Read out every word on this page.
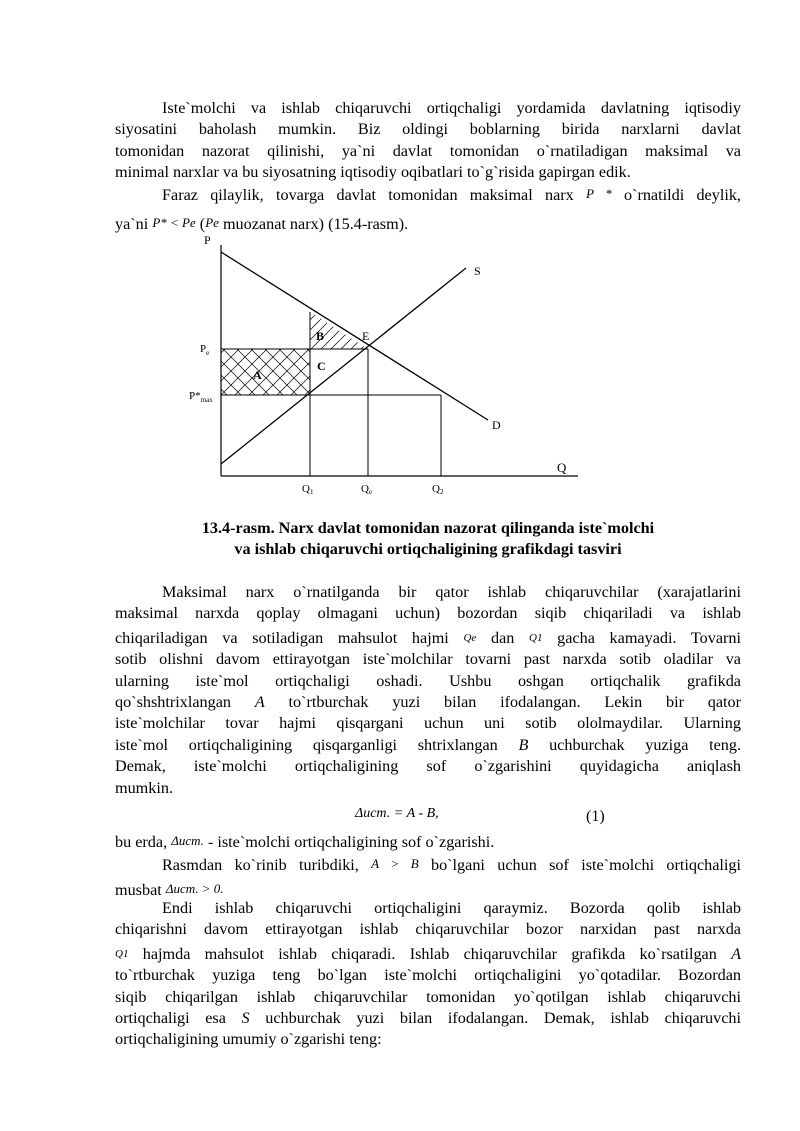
Iste`molchi va ishlab chiqaruvchi ortiqchaligi yordamida davlatning iqtisodiy
siyosatini baholash mumkin. Biz oldingi boblarning birida narxlarni davlat
tomonidan nazorat qilinishi, ya`ni davlat tomonidan o`rnatiladigan maksimal va
minimal narxlar va bu siyosatning iqtisodiy oqibatlari to`g`risida gapirgan edik.
Faraz qilaylik, tovarga davlat tomonidan maksimal narx P * o`rnatildi deylik,
ya`ni P* < Pe (Pe muozanat narx) (15.4-rasm).
P
Q
S
D
E
A
B
C
$P_e$
$P*_{max}$
Q1	Qe	Q2
13.4-rasm. Narx davlat tomonidan nazorat qilinganda iste`molchi
va ishlab chiqaruvchi ortiqchaligining grafikdagi tasviri
Maksimal narx o`rnatilganda bir qator ishlab chiqaruvchilar (xarajatlarini
maksimal narxda qoplay olmagani uchun) bozordan siqib chiqariladi va ishlab
chiqariladigan va sotiladigan mahsulot hajmi Qe dan Q1 gacha kamayadi. Tovarni
sotib olishni davom ettirayotgan iste`molchilar tovarni past narxda sotib oladilar va
ularning iste`mol ortiqchaligi oshadi. Ushbu oshgan ortiqchalik grafikda
qo`shshtrixlangan A to`rtburchak yuzi bilan ifodalangan. Lekin bir qator
iste`molchilar tovar hajmi qisqargani uchun uni sotib ololmaydilar. Ularning
iste`mol ortiqchaligining qisqarganligi shtrixlangan B uchburchak yuziga teng.
Demak, iste`molchi ortiqchaligining sof o`zgarishini quyidagicha aniqlash
mumkin.
Δист. = A - B,	(1)
bu erda, Δист. - iste`molchi ortiqchaligining sof o`zgarishi.
Rasmdan ko`rinib turibdiki, A > B bo`lgani uchun sof iste`molchi ortiqchaligi
musbat Δист. > 0.
Endi ishlab chiqaruvchi ortiqchaligini qaraymiz. Bozorda qolib ishlab
chiqarishni davom ettirayotgan ishlab chiqaruvchilar bozor narxidan past narxda
Q1 hajmda mahsulot ishlab chiqaradi. Ishlab chiqaruvchilar grafikda ko`rsatilgan A
to`rtburchak yuziga teng bo`lgan iste`molchi ortiqchaligini yo`qotadilar. Bozordan
siqib chiqarilgan ishlab chiqaruvchilar tomonidan yo`qotilgan ishlab chiqaruvchi
ortiqchaligi esa S uchburchak yuzi bilan ifodalangan. Demak, ishlab chiqaruvchi
ortiqchaligining umumiy o`zgarishi teng:
